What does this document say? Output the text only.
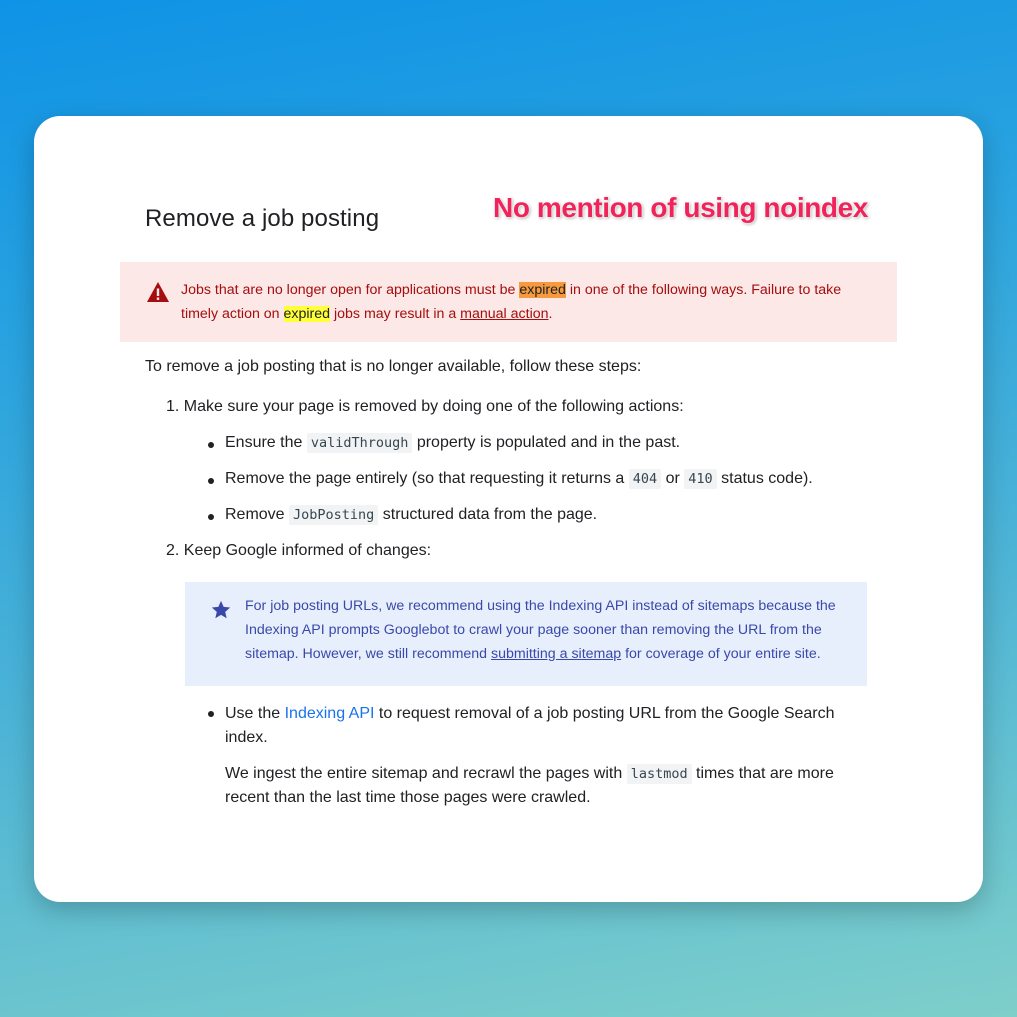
Remove a job posting	No mention of using noindex
Jobs that are no longer open for applications must be expired in one of the following ways. Failure to take timely action on expired jobs may result in a manual action.
To remove a job posting that is no longer available, follow these steps:
1. Make sure your page is removed by doing one of the following actions:
Ensure the validThrough property is populated and in the past.
Remove the page entirely (so that requesting it returns a 404 or 410 status code).
Remove JobPosting structured data from the page.
2. Keep Google informed of changes:
For job posting URLs, we recommend using the Indexing API instead of sitemaps because the Indexing API prompts Googlebot to crawl your page sooner than removing the URL from the sitemap. However, we still recommend submitting a sitemap for coverage of your entire site.
Use the Indexing API to request removal of a job posting URL from the Google Search index.
We ingest the entire sitemap and recrawl the pages with lastmod times that are more recent than the last time those pages were crawled.
